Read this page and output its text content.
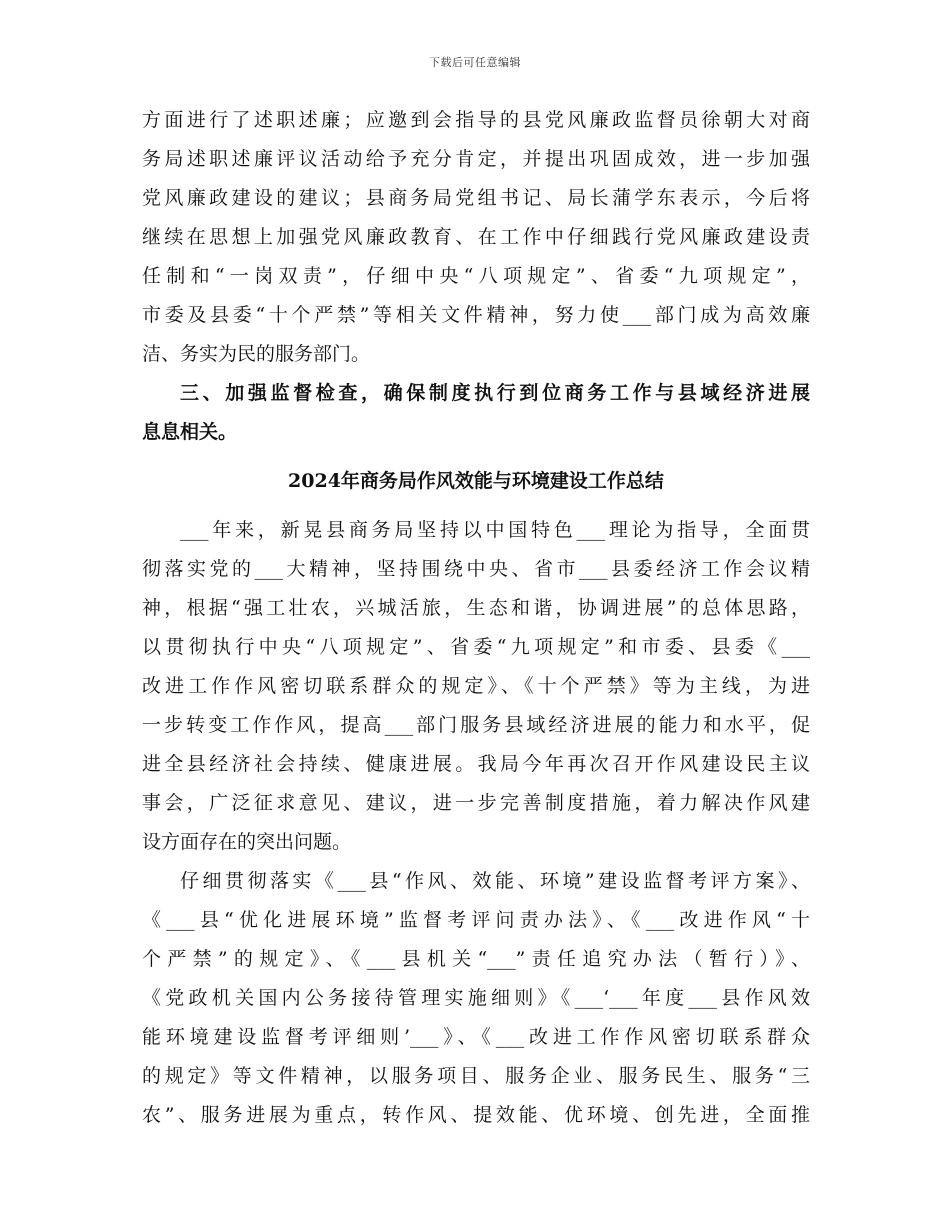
下载后可任意编辑
方面进行了述职述廉；应邀到会指导的县党风廉政监督员徐朝大对商
务局述职述廉评议活动给予充分肯定，并提出巩固成效，进一步加强
党风廉政建设的建议；县商务局党组书记、局长蒲学东表示，今后将
继续在思想上加强党风廉政教育、在工作中仔细践行党风廉政建设责
任制和“一岗双责”，仔细中央“八项规定”、省委“九项规定”，
市委及县委“十个严禁”等相关文件精神，努力使___部门成为高效廉
洁、务实为民的服务部门。
三、加强监督检查，确保制度执行到位商务工作与县域经济进展
息息相关。
2024年商务局作风效能与环境建设工作总结
___年来，新晃县商务局坚持以中国特色___理论为指导，全面贯
彻落实党的___大精神，坚持围绕中央、省市___县委经济工作会议精
神，根据“强工壮农，兴城活旅，生态和谐，协调进展”的总体思路，
以贯彻执行中央“八项规定”、省委“九项规定”和市委、县委《___
改进工作作风密切联系群众的规定》、《十个严禁》等为主线，为进
一步转变工作作风，提高___部门服务县域经济进展的能力和水平，促
进全县经济社会持续、健康进展。我局今年再次召开作风建设民主议
事会，广泛征求意见、建议，进一步完善制度措施，着力解决作风建
设方面存在的突出问题。
仔细贯彻落实《___县“作风、效能、环境”建设监督考评方案》、
《___县“优化进展环境”监督考评问责办法》、《___改进作风“十
个严禁”的规定》、《___县机关“___”责任追究办法（暂行）》、
《党政机关国内公务接待管理实施细则》《___‘___年度___县作风效
能环境建设监督考评细则’___》、《___改进工作作风密切联系群众
的规定》等文件精神，以服务项目、服务企业、服务民生、服务“三
农”、服务进展为重点，转作风、提效能、优环境、创先进，全面推
